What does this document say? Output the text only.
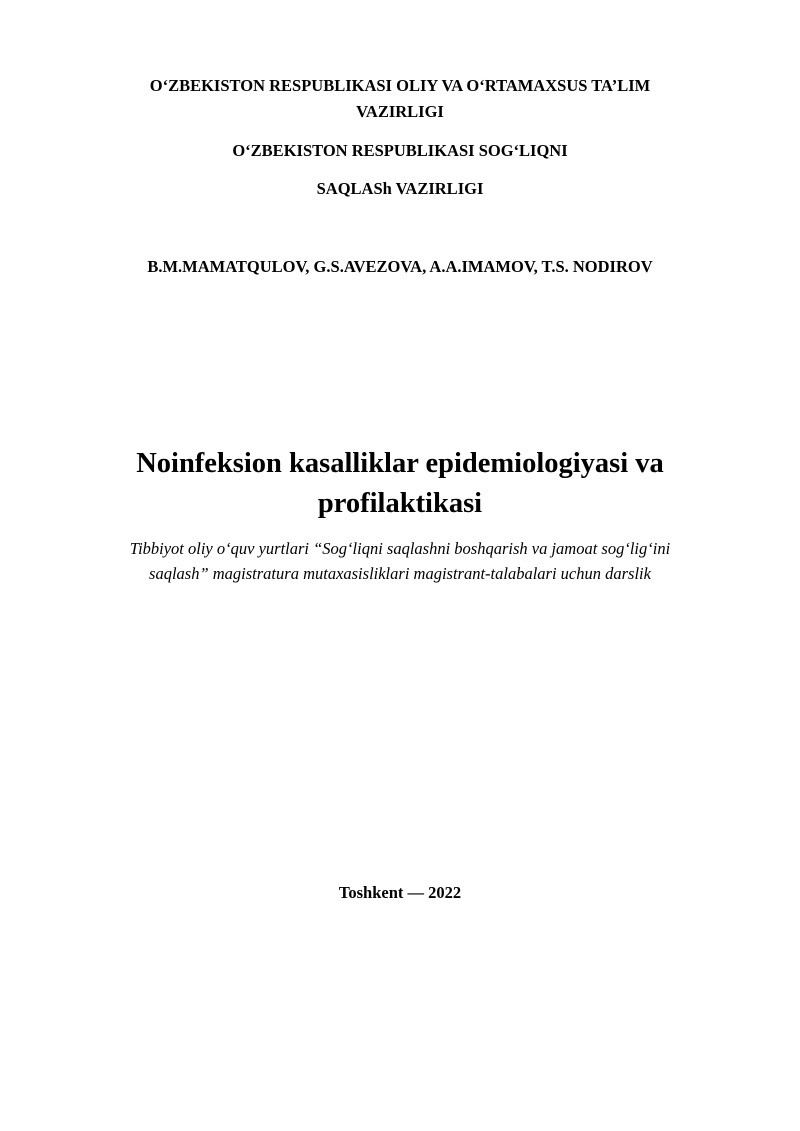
O‘ZBEKISTON RESPUBLIKASI OLIY VA O‘RTAMAXSUS TA’LIM
VAZIRLIGI
O‘ZBEKISTON RESPUBLIKASI SOG‘LIQNI
SAQLASh VAZIRLIGI
B.M.MAMATQULOV, G.S.AVEZOVA, A.A.IMAMOV, T.S. NODIROV
Noinfeksion kasalliklar epidemiologiyasi va
profilaktikasi
Tibbiyot oliy o‘quv yurtlari “Sog‘liqni saqlashni boshqarish va jamoat sog‘lig‘ini
saqlash” magistratura mutaxasisliklari magistrant-talabalari uchun darslik
Toshkent — 2022
